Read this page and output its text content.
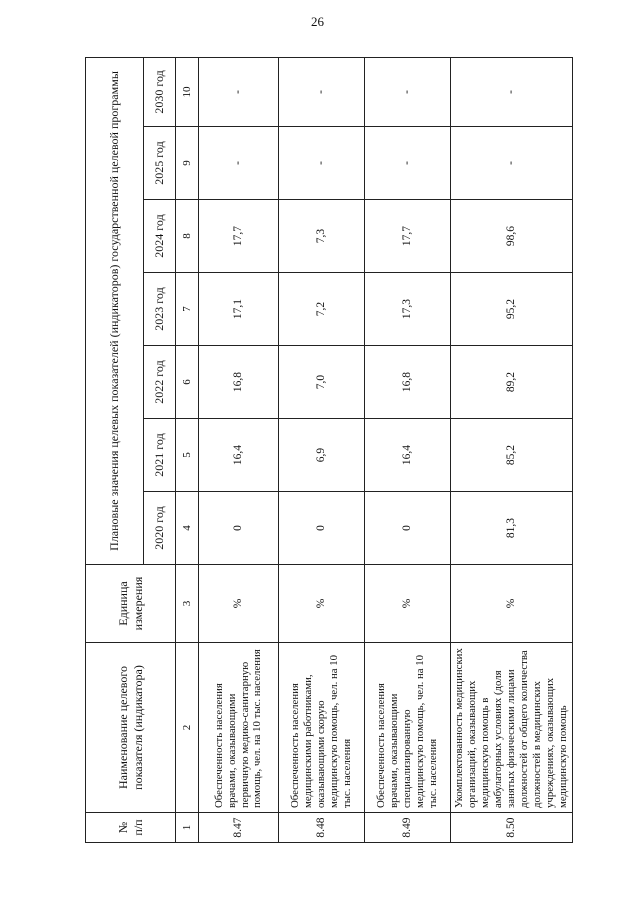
26
№ п/п	Наименование целевого показателя (индикатора)	Единица измерения	Плановые значения целевых показателей (индикаторов) государственной целевой программы						
			2020 год	2021 год	2022 год	2023 год	2024 год	2025 год	2030 год
1	2	3	4	5	6	7	8	9	10
8.47	Обеспеченность населения врачами, оказывающими первичную медико-санитарную помощь, чел. на 10 тыс. населения	%	0	16,4	16,8	17,1	17,7	-	-
8.48	Обеспеченность населения медицинскими работниками, оказывающими скорую медицинскую помощь, чел. на 10 тыс. населения	%	0	6,9	7,0	7,2	7,3	-	-
8.49	Обеспеченность населения врачами, оказывающими специализированную медицинскую помощь, чел. на 10 тыс. населения	%	0	16,4	16,8	17,3	17,7	-	-
8.50	Укомплектованность медицинских организаций, оказывающих медицинскую помощь в амбулаторных условиях (доля занятых физическими лицами должностей от общего количества должностей в медицинских учреждениях, оказывающих медицинскую помощь	%	81,3	85,2	89,2	95,2	98,6	-	-
